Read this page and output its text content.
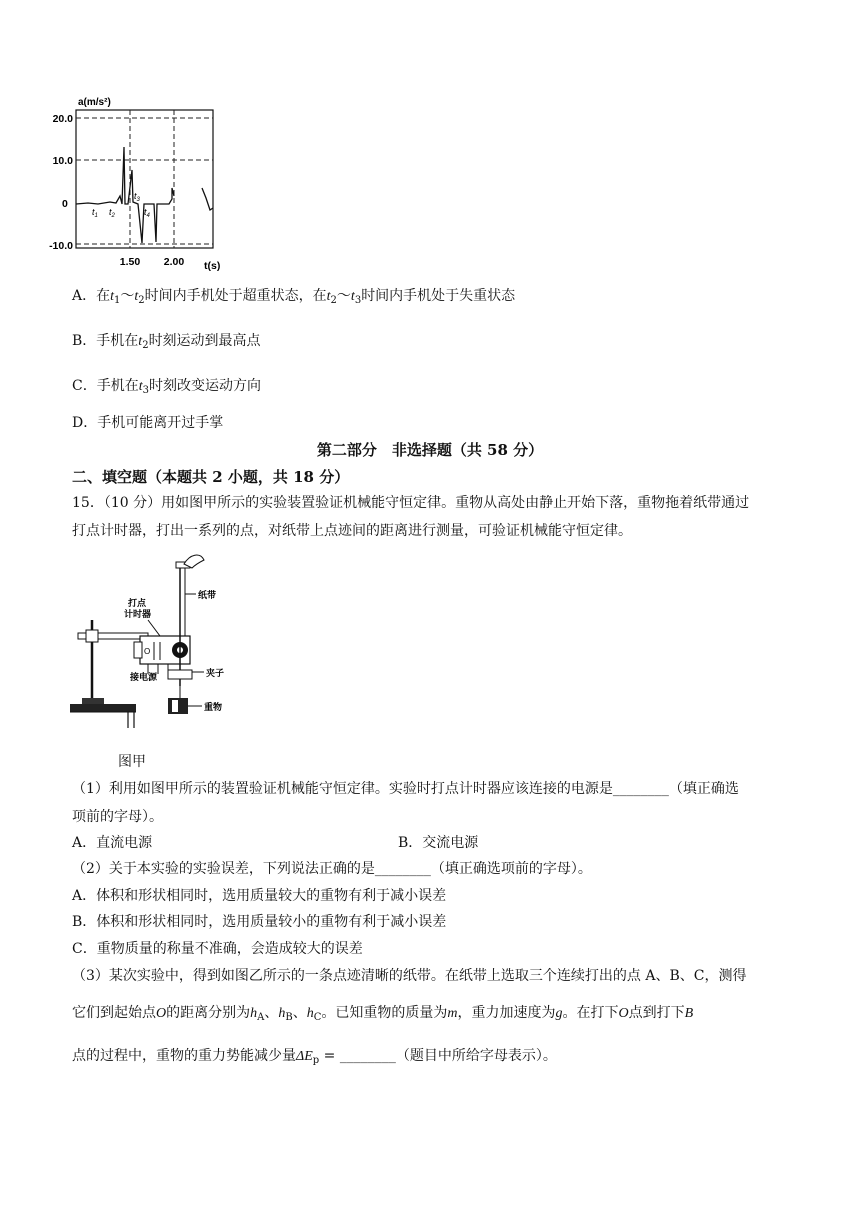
a(m/s²)
20.0
10.0
0
-10.0
1.50 2.00 t(s)
$t_1$ $t_2$
$t_3$
$t_4$
A．在$t_1\sim t_2$时间内手机处于超重状态，在$t_2\sim t_3$时间内手机处于失重状态
B．手机在$t_2$时刻运动到最高点
C．手机在$t_3$时刻改变运动方向
D．手机可能离开过手掌
第二部分　非选择题（共 58 分）
二、填空题（本题共 2 小题，共 18 分）
15．（10 分）用如图甲所示的实验装置验证机械能守恒定律。重物从高处由静止开始下落，重物拖着纸带通过
打点计时器，打出一系列的点，对纸带上点迹间的距离进行测量，可验证机械能守恒定律。
O
纸带
打点
计时器
接电源	夹子
重物
图甲
（1）利用如图甲所示的装置验证机械能守恒定律。实验时打点计时器应该连接的电源是________（填正确选
项前的字母）。
A．直流电源	B．交流电源
（2）关于本实验的实验误差，下列说法正确的是________（填正确选项前的字母）。
A．体积和形状相同时，选用质量较大的重物有利于减小误差
B．体积和形状相同时，选用质量较小的重物有利于减小误差
C．重物质量的称量不准确，会造成较大的误差
（3）某次实验中，得到如图乙所示的一条点迹清晰的纸带。在纸带上选取三个连续打出的点 A、B、C，测得
它们到起始点O的距离分别为$h_A$、$h_B$、$h_C$。已知重物的质量为m，重力加速度为g。在打下O点到打下B
点的过程中，重物的重力势能减少量$\Delta E_p$ = ________（题目中所给字母表示）。
